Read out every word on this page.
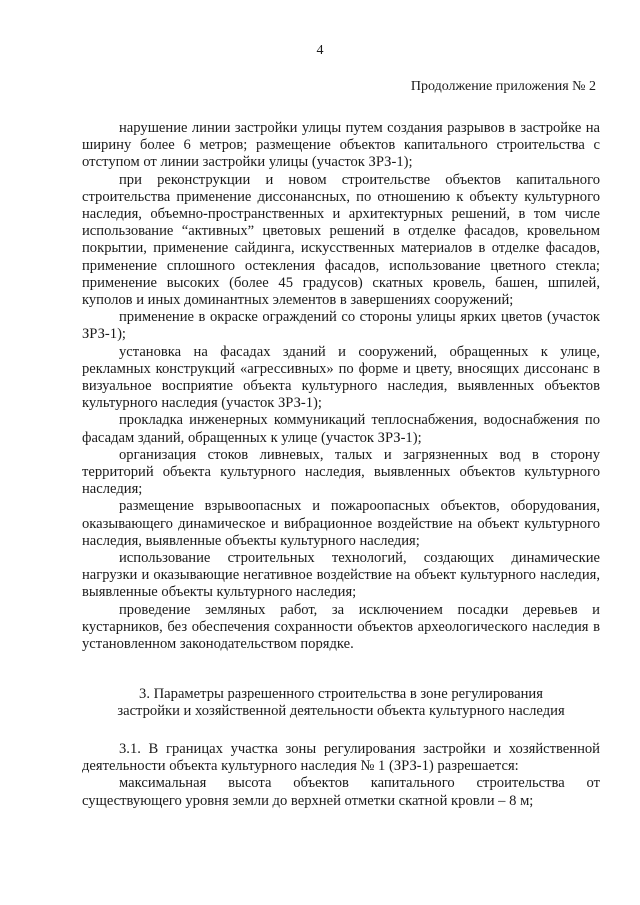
4
Продолжение приложения № 2

нарушение линии застройки улицы путем создания разрывов в застройке на ширину более 6 метров; размещение объектов капитального строительства с отступом от линии застройки улицы (участок ЗРЗ-1);

при реконструкции и новом строительстве объектов капитального строительства применение диссонансных, по отношению к объекту культурного наследия, объемно-пространственных и архитектурных решений, в том числе использование “активных” цветовых решений в отделке фасадов, кровельном покрытии, применение сайдинга, искусственных материалов в отделке фасадов, применение сплошного остекления фасадов, использование цветного стекла; применение высоких (более 45 градусов) скатных кровель, башен, шпилей, куполов и иных доминантных элементов в завершениях сооружений;

применение в окраске ограждений со стороны улицы ярких цветов (участок ЗРЗ-1);

установка на фасадах зданий и сооружений, обращенных к улице, рекламных конструкций «агрессивных» по форме и цвету, вносящих диссонанс в визуальное восприятие объекта культурного наследия, выявленных объектов культурного наследия (участок ЗРЗ-1);

прокладка инженерных коммуникаций теплоснабжения, водоснабжения по фасадам зданий, обращенных к улице (участок ЗРЗ-1);

организация стоков ливневых, талых и загрязненных вод в сторону территорий объекта культурного наследия, выявленных объектов культурного наследия;

размещение взрывоопасных и пожароопасных объектов, оборудования, оказывающего динамическое и вибрационное воздействие на объект культурного наследия, выявленные объекты культурного наследия;

использование строительных технологий, создающих динамические нагрузки и оказывающие негативное воздействие на объект культурного наследия, выявленные объекты культурного наследия;

проведение земляных работ, за исключением посадки деревьев и кустарников, без обеспечения сохранности объектов археологического наследия в установленном законодательством порядке.

3. Параметры разрешенного строительства в зоне регулирования
застройки и хозяйственной деятельности объекта культурного наследия

3.1. В границах участка зоны регулирования застройки и хозяйственной деятельности объекта культурного наследия № 1 (ЗРЗ-1) разрешается:

максимальная высота объектов капитального строительства от существующего уровня земли до верхней отметки скатной кровли – 8 м;
